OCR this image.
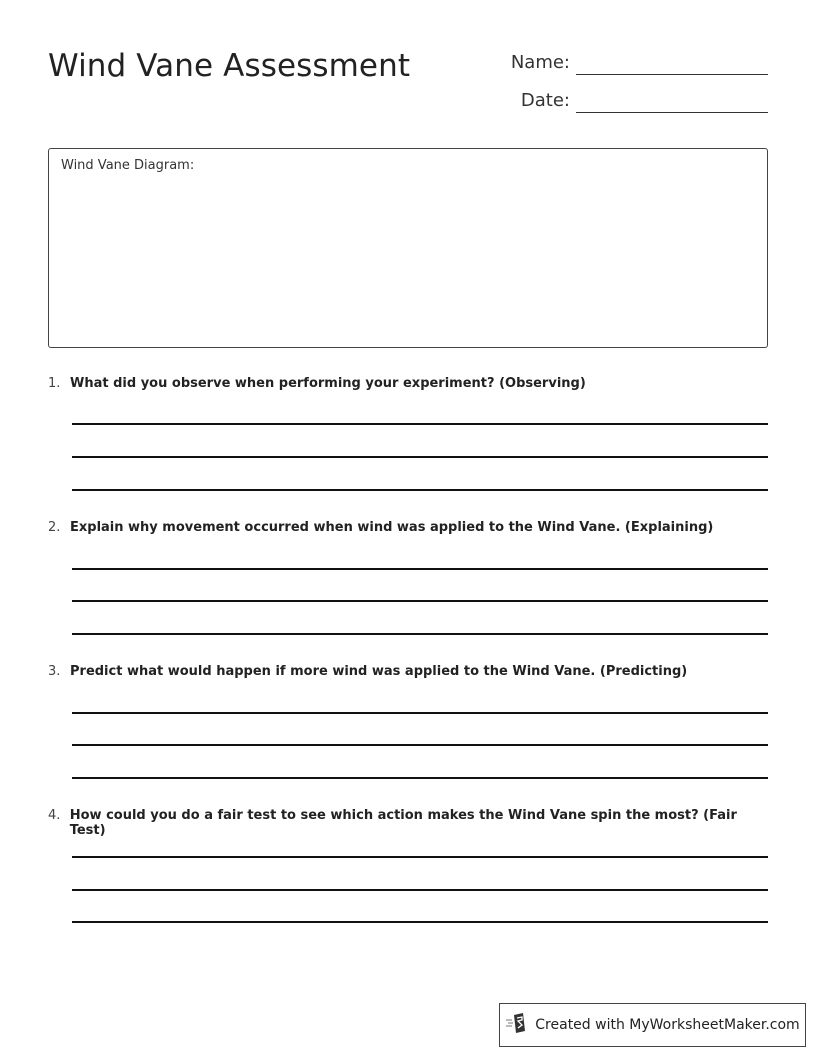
Wind Vane Assessment	Name:
Date:
Wind Vane Diagram:
1. What did you observe when performing your experiment? (Observing)
2. Explain why movement occurred when wind was applied to the Wind Vane. (Explaining)
3. Predict what would happen if more wind was applied to the Wind Vane. (Predicting)
4. How could you do a fair test to see which action makes the Wind Vane spin the most? (Fair Test)
Created with MyWorksheetMaker.com
